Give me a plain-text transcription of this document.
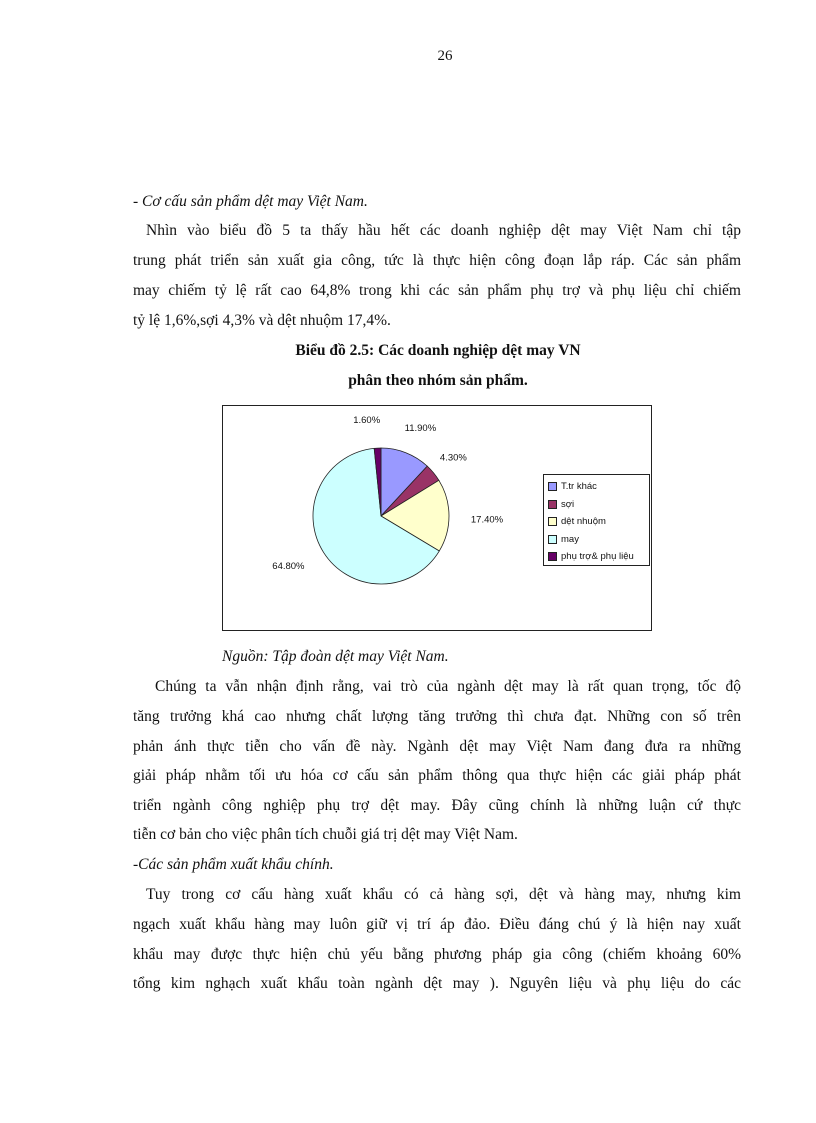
26
- Cơ cấu sản phẩm dệt may Việt Nam.
Nhìn vào biểu đồ 5 ta thấy hầu hết các doanh nghiệp dệt may Việt Nam chỉ tập
trung phát triển sản xuất gia công, tức là thực hiện công đoạn lắp ráp. Các sản phẩm
may chiếm tỷ lệ rất cao 64,8% trong khi các sản phẩm phụ trợ và phụ liệu chỉ chiếm
tỷ lệ 1,6%,sợi 4,3% và dệt nhuộm 17,4%.
Biểu đồ 2.5: Các doanh nghiệp dệt may VN
phân theo nhóm sản phẩm.
11.90%
4.30%
17.40%
64.80%
1.60%
T.tr khác
sợi
dệt nhuộm
may
phụ trợ& phụ liệu
Nguồn: Tập đoàn dệt may Việt Nam.
Chúng ta vẫn nhận định rằng, vai trò của ngành dệt may là rất quan trọng, tốc độ
tăng trưởng khá cao nhưng chất lượng tăng trưởng thì chưa đạt. Những con số trên
phản ánh thực tiễn cho vấn đề này. Ngành dệt may Việt Nam đang đưa ra những
giải pháp nhằm tối ưu hóa cơ cấu sản phẩm thông qua thực hiện các giải pháp phát
triển ngành công nghiệp phụ trợ dệt may. Đây cũng chính là những luận cứ thực
tiễn cơ bản cho việc phân tích chuỗi giá trị dệt may Việt Nam.
-Các sản phẩm xuất khẩu chính.
Tuy trong cơ cấu hàng xuất khẩu có cả hàng sợi, dệt và hàng may, nhưng kim
ngạch xuất khẩu hàng may luôn giữ vị trí áp đảo. Điều đáng chú ý là hiện nay xuất
khẩu may được thực hiện chủ yếu bằng phương pháp gia công (chiếm khoảng 60%
tổng kim nghạch xuất khẩu toàn ngành dệt may ). Nguyên liệu và phụ liệu do các
